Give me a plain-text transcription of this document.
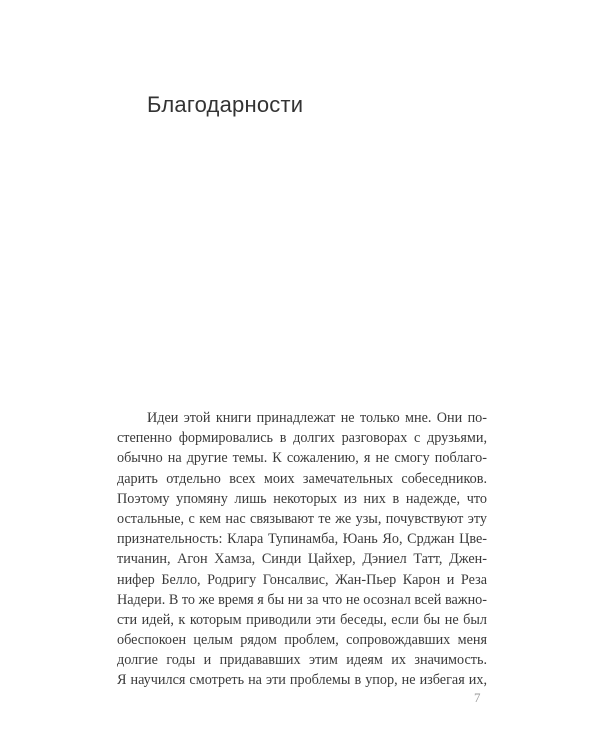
Благодарности
Идеи этой книги принадлежат не только мне. Они по-
степенно формировались в долгих разговорах с друзьями,
обычно на другие темы. К сожалению, я не смогу поблаго-
дарить отдельно всех моих замечательных собеседников.
Поэтому упомяну лишь некоторых из них в надежде, что
остальные, с кем нас связывают те же узы, почувствуют эту
признательность: Клара Тупинамба, Юань Яо, Срджан Цве-
тичанин, Агон Хамза, Синди Цайхер, Дэниел Татт, Джен-
нифер Белло, Родригу Гонсалвис, Жан-Пьер Карон и Реза
Надери. В то же время я бы ни за что не осознал всей важно-
сти идей, к которым приводили эти беседы, если бы не был
обеспокоен целым рядом проблем, сопровождавших меня
долгие годы и придававших этим идеям их значимость.
Я научился смотреть на эти проблемы в упор, не избегая их,
7
